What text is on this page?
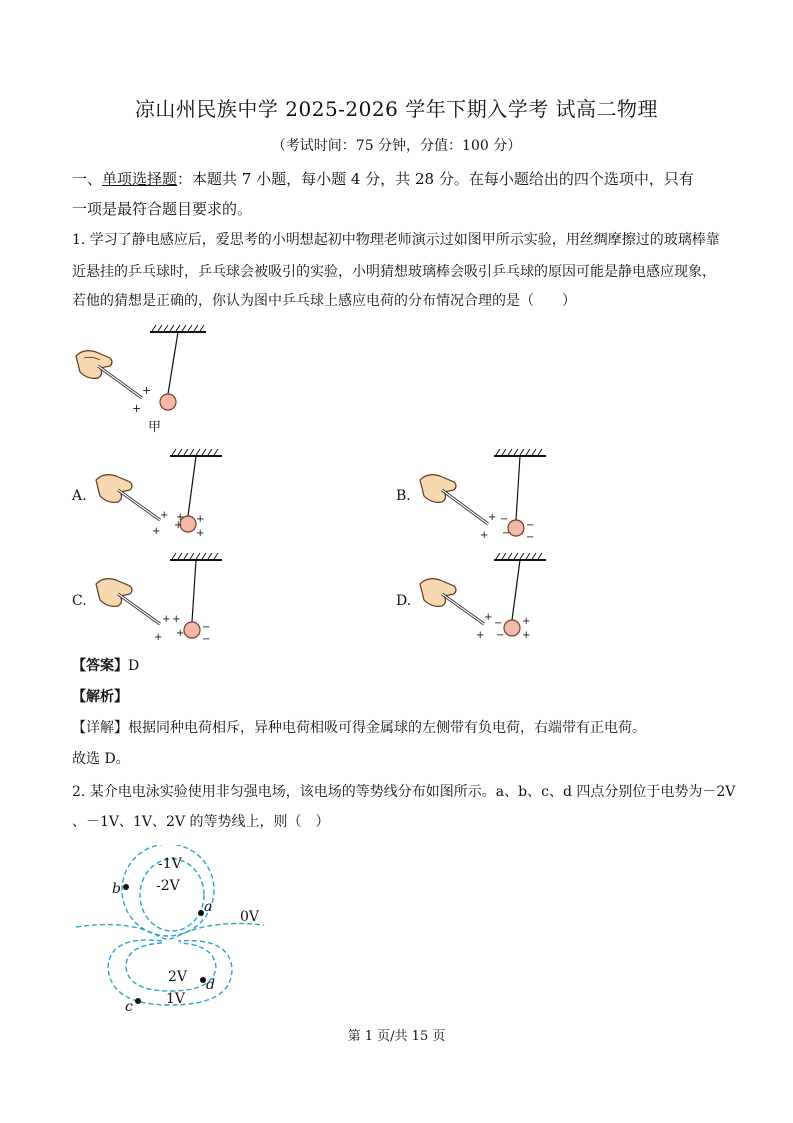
凉山州民族中学 2025-2026 学年下期入学考 试高二物理
（考试时间：75 分钟，分值：100 分）
一、单项选择题：本题共 7 小题，每小题 4 分，共 28 分。在每小题给出的四个选项中，只有
一项是最符合题目要求的。
1. 学习了静电感应后，爱思考的小明想起初中物理老师演示过如图甲所示实验，用丝绸摩擦过的玻璃棒靠
近悬挂的乒乓球时，乒乓球会被吸引的实验，小明猜想玻璃棒会吸引乒乓球的原因可能是静电感应现象，
若他的猜想是正确的，你认为图中乒乓球上感应电荷的分布情况合理的是（　　）
+
+
甲
A.
+
+
+
+ +
+
B.
+
+
−
−
−
−
C.
+
+
+
+
−
−
D.
+
+
−
−
+
+
【答案】D
【解析】
【详解】根据同种电荷相斥，异种电荷相吸可得金属球的左侧带有负电荷，右端带有正电荷。
故选 D。
2. 某介电电泳实验使用非匀强电场，该电场的等势线分布如图所示。a、b、c、d 四点分别位于电势为－2V
、－1V、1V、2V 的等势线上，则（　）
-1V
-2V
0V
2V
1V
b
a
d
c
第 1 页/共 15 页
